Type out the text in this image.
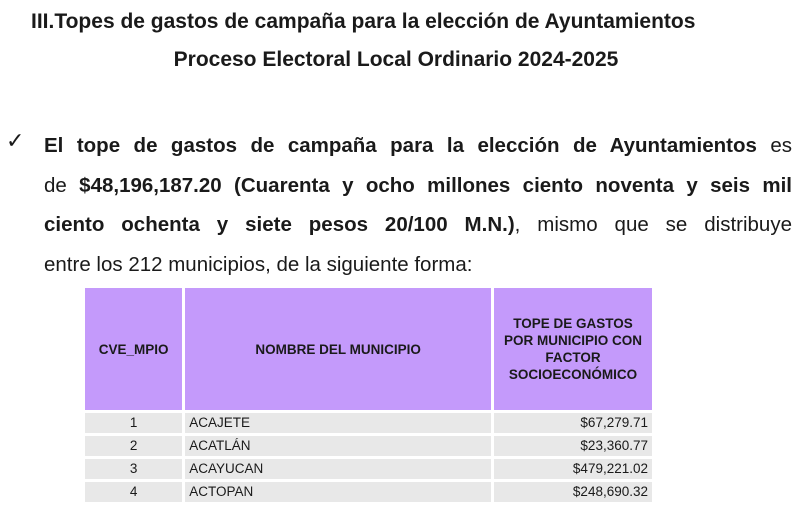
III.Topes de gastos de campaña para la elección de Ayuntamientos
Proceso Electoral Local Ordinario 2024-2025
✓ El tope de gastos de campaña para la elección de Ayuntamientos es
de $48,196,187.20 (Cuarenta y ocho millones ciento noventa y seis mil
ciento ochenta y siete pesos 20/100 M.N.), mismo que se distribuye
entre los 212 municipios, de la siguiente forma:
CVE_MPIO	NOMBRE DEL MUNICIPIO	TOPE DE GASTOS POR MUNICIPIO CON FACTOR SOCIOECONÓMICO
1	ACAJETE	$67,279.71
2	ACATLÁN	$23,360.77
3	ACAYUCAN	$479,221.02
4	ACTOPAN	$248,690.32
